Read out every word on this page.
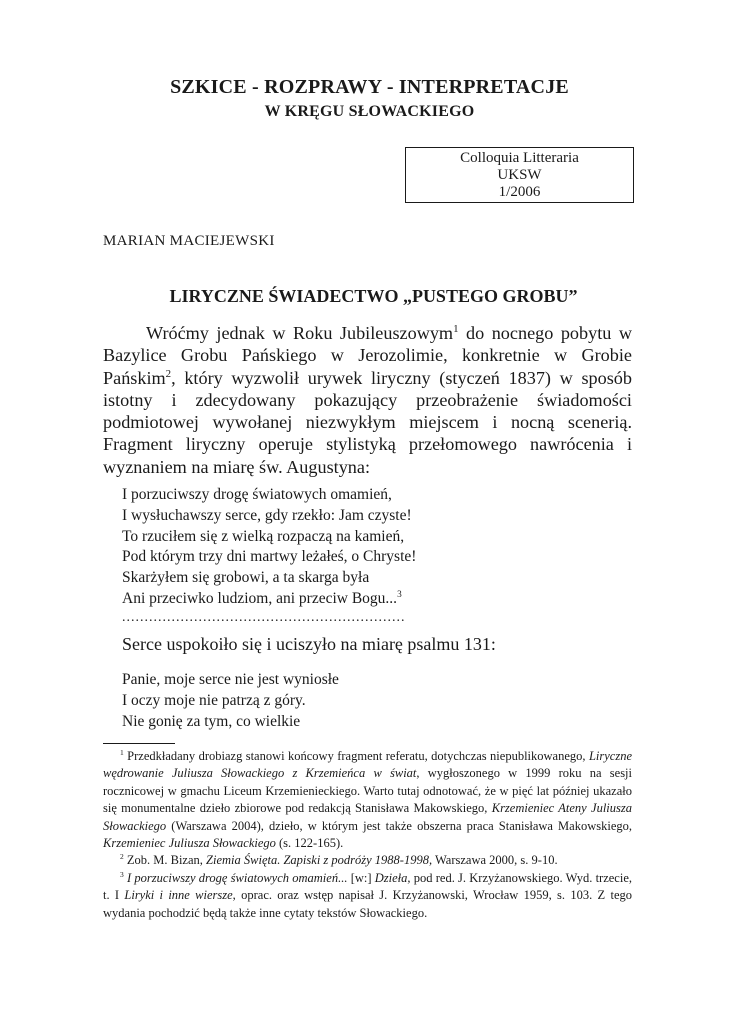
SZKICE - ROZPRAWY - INTERPRETACJE
W KRĘGU SŁOWACKIEGO
Colloquia Litteraria
UKSW
1/2006
MARIAN MACIEJEWSKI
LIRYCZNE ŚWIADECTWO „PUSTEGO GROBU”

Wróćmy jednak w Roku Jubileuszowym$^1$ do nocnego pobytu w Bazylice Grobu Pańskiego w Jerozolimie, konkretnie w Grobie Pańskim$^2$, który wyzwolił urywek liryczny (styczeń 1837) w sposób istotny i zdecydowany pokazujący przeobrażenie świadomości podmiotowej wywołanej niezwykłym miejscem i nocną scenerią. Fragment liryczny operuje stylistyką przełomowego nawrócenia i wyznaniem na miarę św. Augustyna:

I porzuciwszy drogę światowych omamień,
I wysłuchawszy serce, gdy rzekło: Jam czyste!
To rzuciłem się z wielką rozpaczą na kamień,
Pod którym trzy dni martwy leżałeś, o Chryste!
Skarżyłem się grobowi, a ta skarga była
Ani przeciwko ludziom, ani przeciw Bogu...$^3$
...............................................................
Serce uspokoiło się i uciszyło na miarę psalmu 131:
Panie, moje serce nie jest wyniosłe
I oczy moje nie patrzą z góry.
Nie gonię za tym, co wielkie

$^1$ Przedkładany drobiazg stanowi końcowy fragment referatu, dotychczas niepublikowanego, Liryczne wędrowanie Juliusza Słowackiego z Krzemieńca w świat, wygłoszonego w 1999 roku na sesji rocznicowej w gmachu Liceum Krzemienieckiego. Warto tutaj odnotować, że w pięć lat później ukazało się monumentalne dzieło zbiorowe pod redakcją Stanisława Makowskiego, Krzemieniec Ateny Juliusza Słowackiego (Warszawa 2004), dzieło, w którym jest także obszerna praca Stanisława Makowskiego, Krzemieniec Juliusza Słowackiego (s. 122-165).

$^2$ Zob. M. Bizan, Ziemia Święta. Zapiski z podróży 1988-1998, Warszawa 2000, s. 9-10.

$^3$ I porzuciwszy drogę światowych omamień... [w:] Dzieła, pod red. J. Krzyżanowskiego. Wyd. trzecie, t. I Liryki i inne wiersze, oprac. oraz wstęp napisał J. Krzyżanowski, Wrocław 1959, s. 103. Z tego wydania pochodzić będą także inne cytaty tekstów Słowackiego.
